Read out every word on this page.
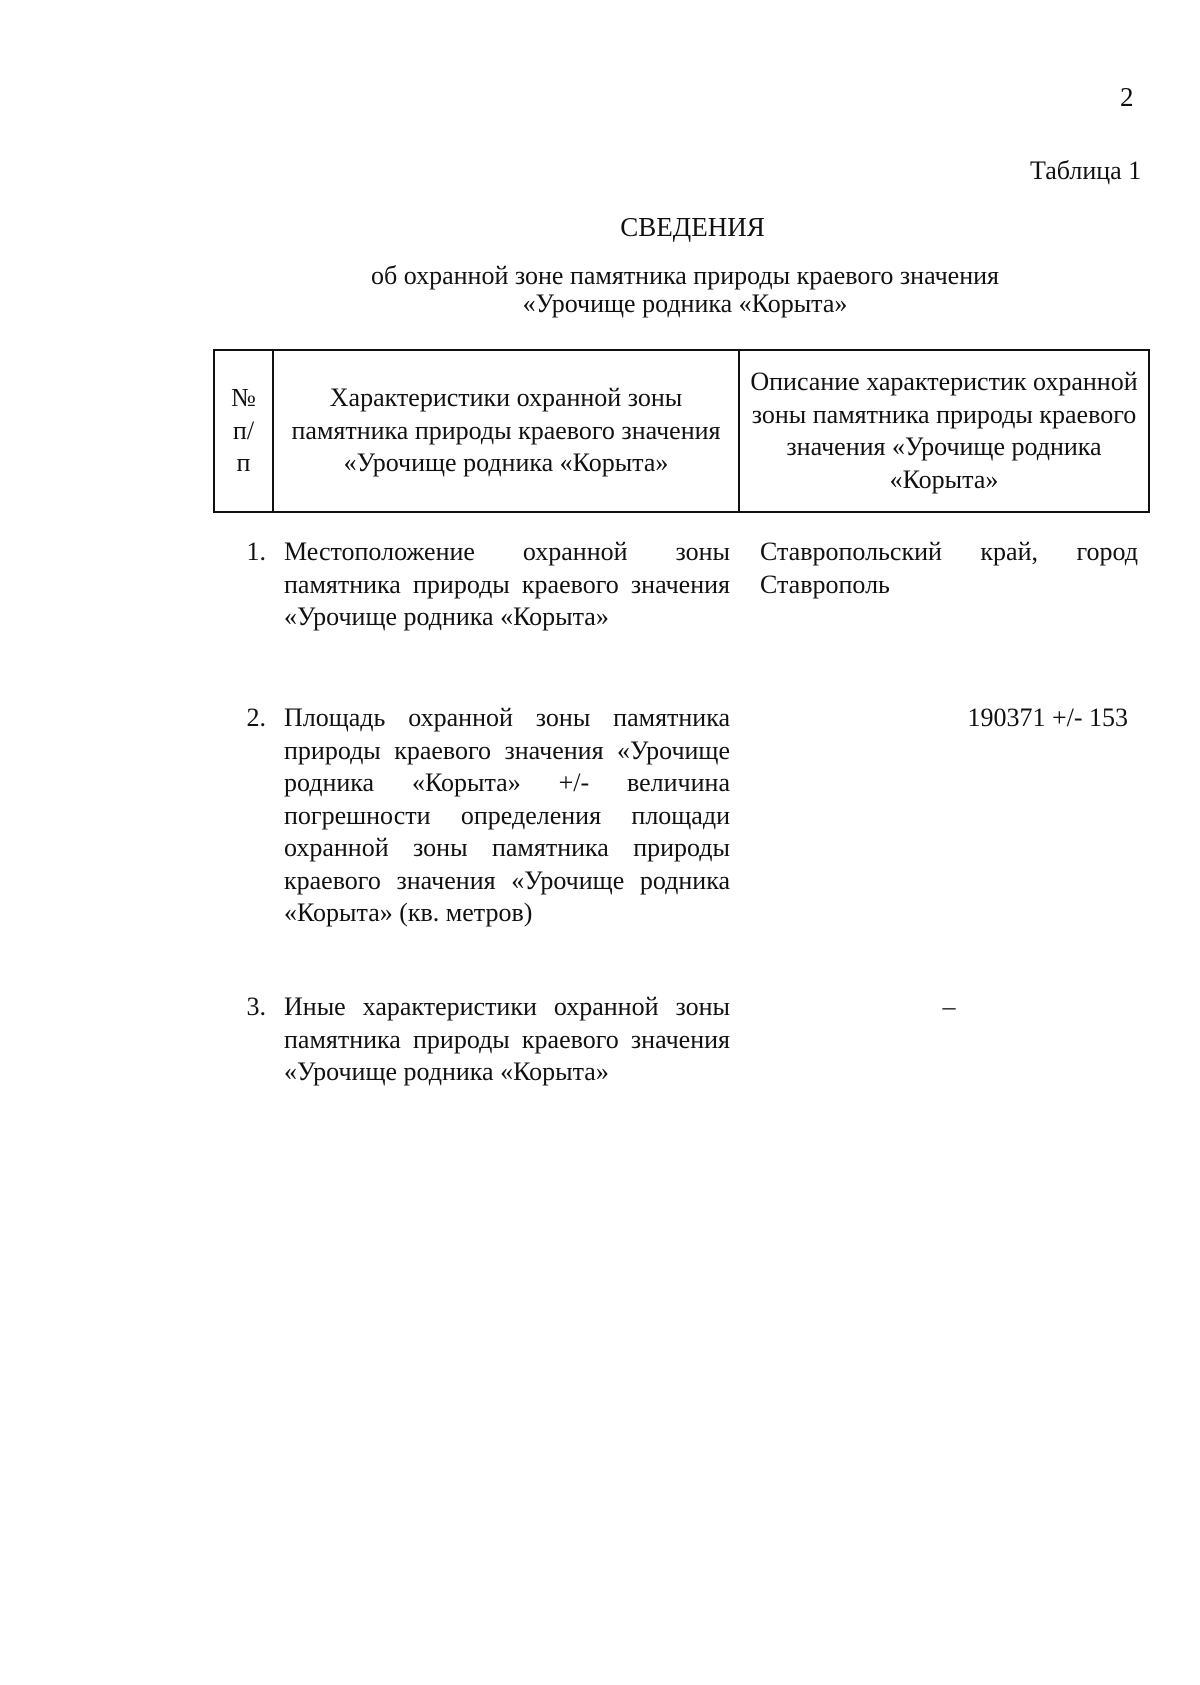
2
Таблица 1
СВЕДЕНИЯ
об охранной зоне памятника природы краевого значения
«Урочище родника «Корыта»
№ п/п
Характеристики охранной зоны памятника природы краевого значения «Урочище родника «Корыта»
Описание характеристик охранной зоны памятника природы краевого значения «Урочище родника «Корыта»
1. Местоположение охранной зоны памятника природы краевого значения «Урочище родника «Корыта»
Ставропольский край, город Ставрополь
2. Площадь охранной зоны памятника природы краевого значения «Урочище родника «Корыта» +/- величина погрешности определения площади охранной зоны памятника природы краевого значения «Урочище родника «Корыта» (кв. метров)
190371 +/- 153
3. Иные характеристики охранной зоны памятника природы краевого значения «Урочище родника «Корыта»
–
